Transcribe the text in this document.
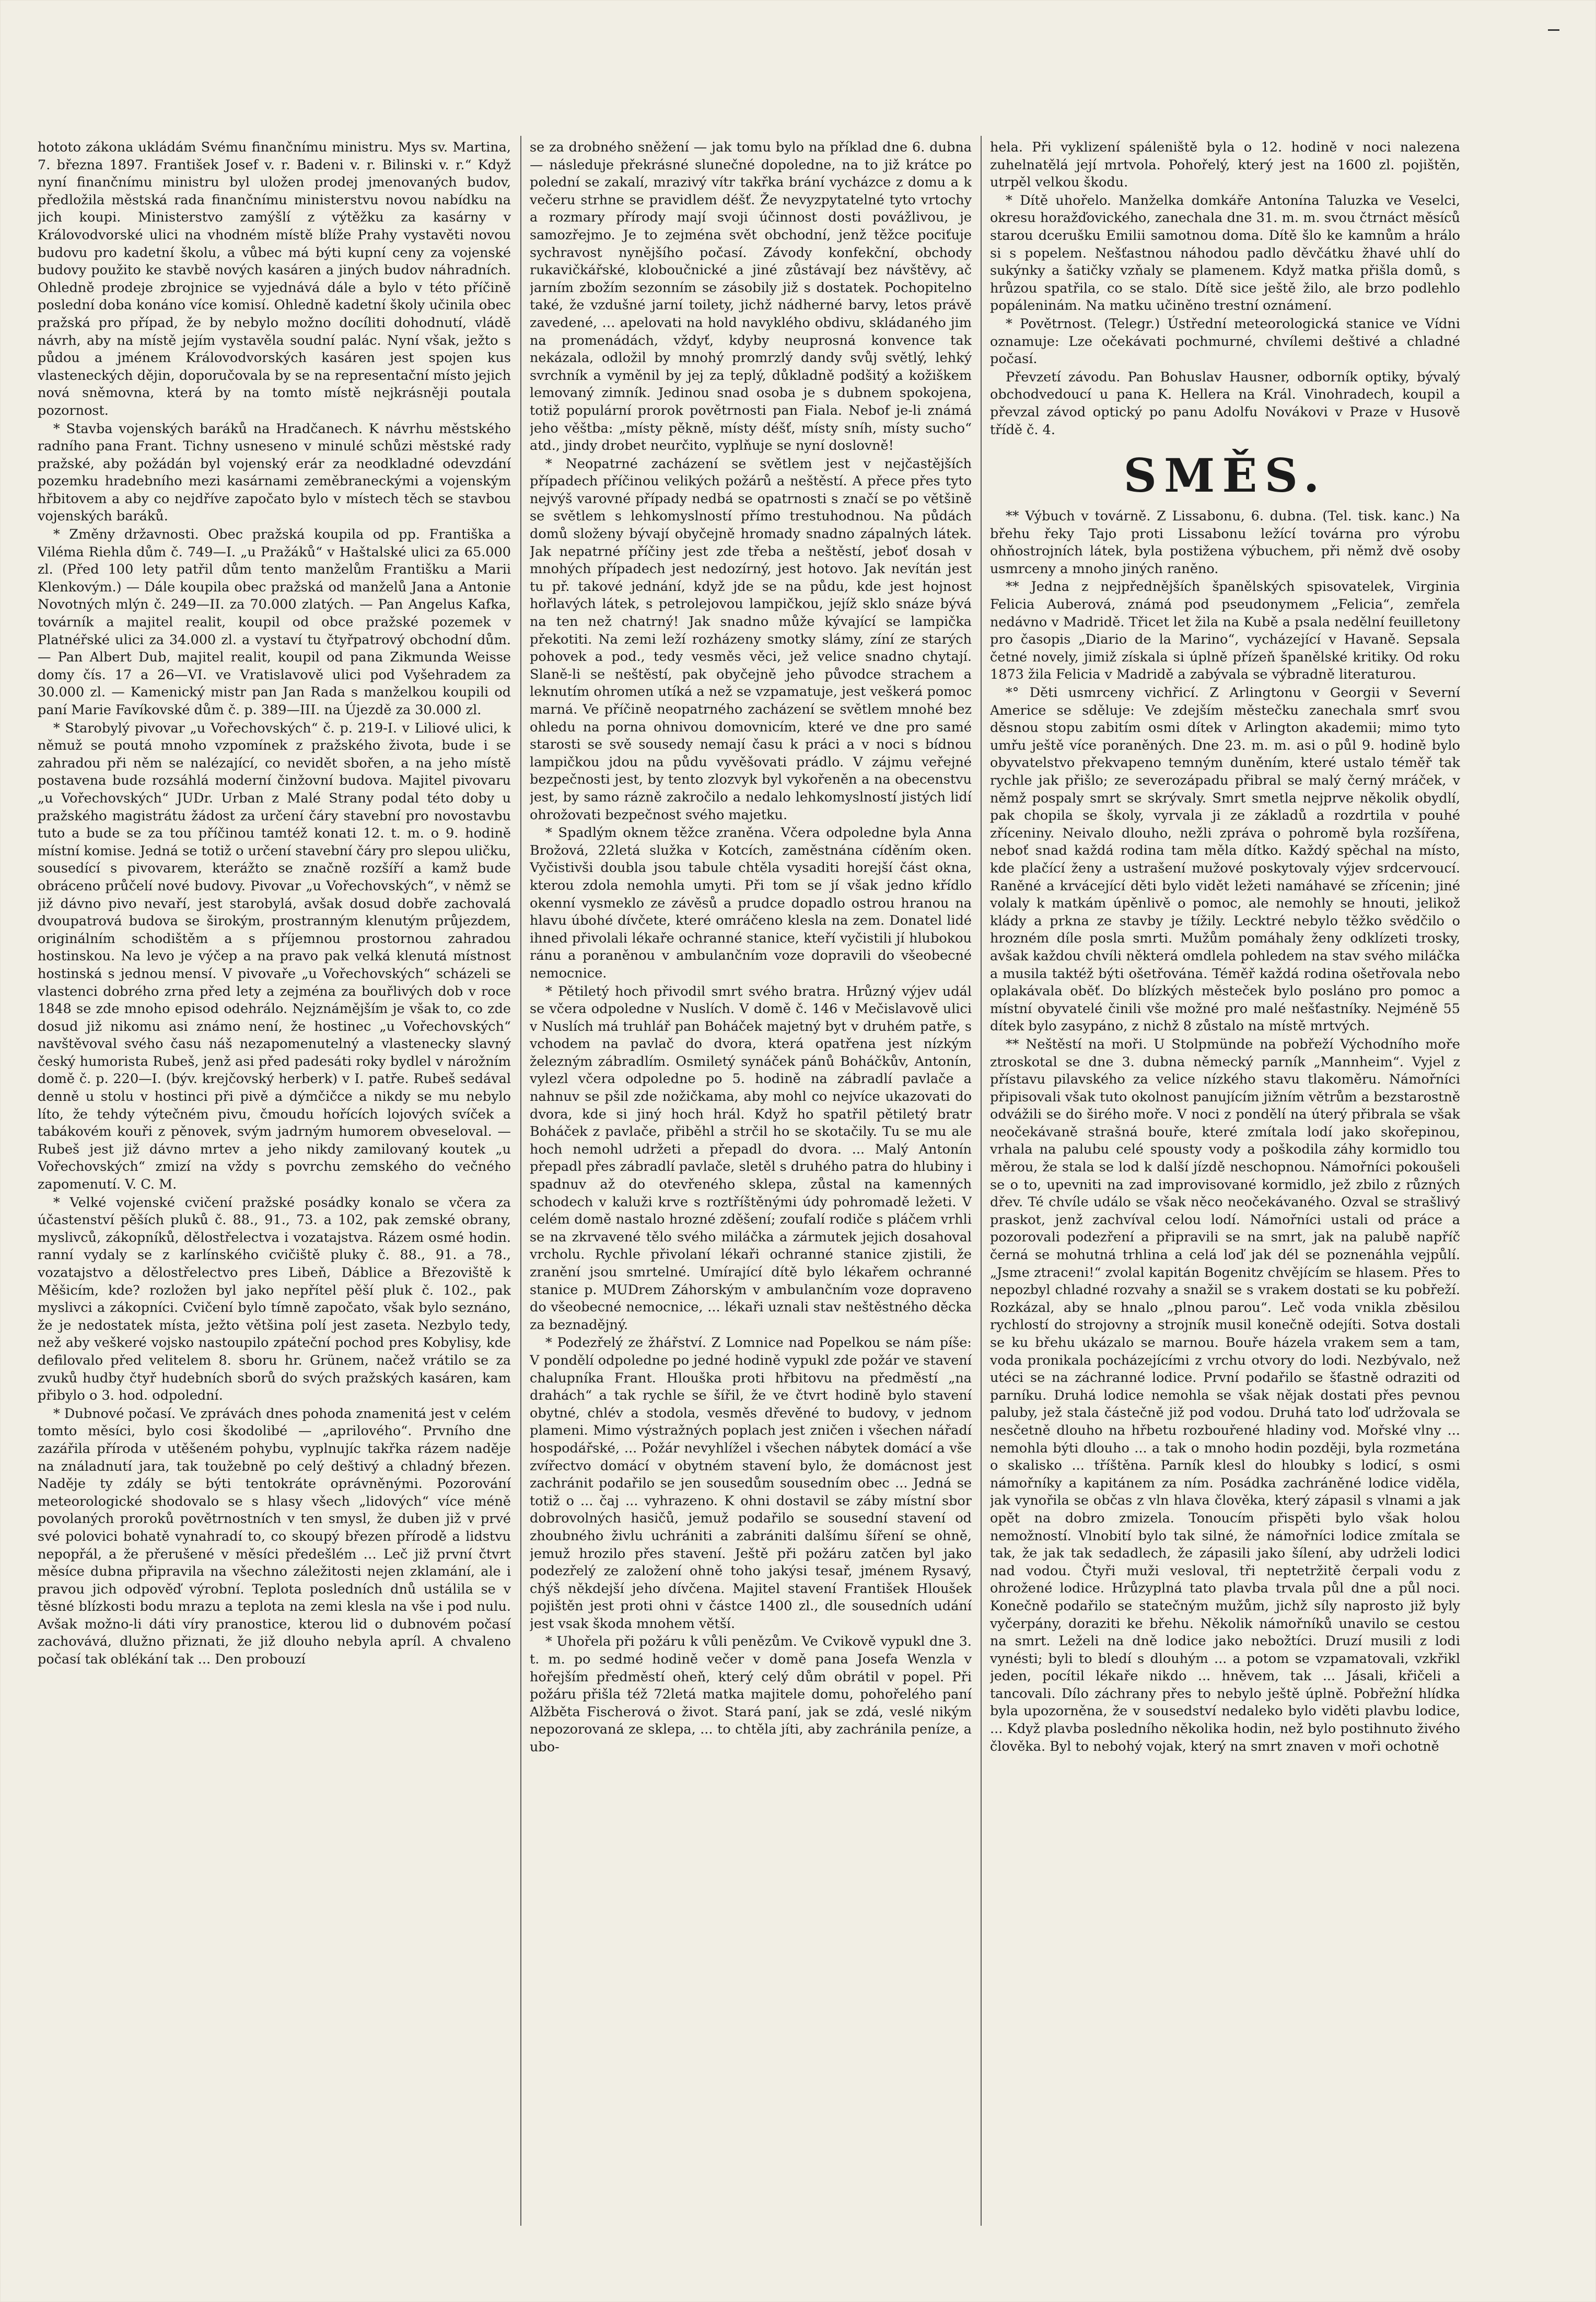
hototo zákona ukládám Svému finančnímu ministru. Mys sv. Martina, 7. března 1897. František Josef v. r. Badeni v. r. Bilinski v. r.“ Když nyní finančnímu ministru byl uložen prodej jmenovaných budov, předložila městská rada finančnímu ministerstvu novou nabídku na jich koupi. Ministerstvo zamýšlí z výtěžku za kasárny v Královodvorské ulici na vhodném místě blíže Prahy vystavěti novou budovu pro kadetní školu, a vůbec má býti kupní ceny za vojenské budovy použito ke stavbě nových kasáren a jiných budov náhradních. Ohledně prodeje zbrojnice se vyjednává dále a bylo v této příčině poslední doba konáno více komisí. Ohledně kadetní školy učinila obec pražská pro případ, že by nebylo možno docíliti dohodnutí, vládě návrh, aby na místě jejím vystavěla soudní palác. Nyní však, ježto s půdou a jménem Královodvorských kasáren jest spojen kus vlasteneckých dějin, doporučovala by se na representační místo jejich nová sněmovna, která by na tomto místě nejkrásněji poutala pozornost.

* Stavba vojenských baráků na Hradčanech. K návrhu městského radního pana Frant. Tichny usneseno v minulé schůzi městské rady pražské, aby požádán byl vojenský erár za neodkladné odevzdání pozemku hradebního mezi kasárnami zeměbraneckými a vojenským hřbitovem a aby co nejdříve započato bylo v místech těch se stavbou vojenských baráků.

* Změny državnosti. Obec pražská koupila od pp. Františka a Viléma Riehla dům č. 749—I. „u Pražáků“ v Haštalské ulici za 65.000 zl. (Před 100 lety patřil dům tento manželům Františku a Marii Klenkovým.) — Dále koupila obec pražská od manželů Jana a Antonie Novotných mlýn č. 249—II. za 70.000 zlatých. — Pan Angelus Kafka, továrník a majitel realit, koupil od obce pražské pozemek v Platnéřské ulici za 34.000 zl. a vystaví tu čtyřpatrový obchodní dům. — Pan Albert Dub, majitel realit, koupil od pana Zikmunda Weisse domy čís. 17 a 26—VI. ve Vratislavově ulici pod Vyšehradem za 30.000 zl. — Kamenický mistr pan Jan Rada s manželkou koupili od paní Marie Favíkovské dům č. p. 389—III. na Újezdě za 30.000 zl.

* Starobylý pivovar „u Vořechovských“ č. p. 219-I. v Liliové ulici, k němuž se poutá mnoho vzpomínek z pražského života, bude i se zahradou při něm se nalézající, co nevidět sbořen, a na jeho místě postavena bude rozsáhlá moderní činžovní budova. Majitel pivovaru „u Vořechovských“ JUDr. Urban z Malé Strany podal této doby u pražského magistrátu žádost za určení čáry stavební pro novostavbu tuto a bude se za tou příčinou tamtéž konati 12. t. m. o 9. hodině místní komise. Jedná se totiž o určení stavební čáry pro slepou uličku, sousedící s pivovarem, kterážto se značně rozšíří a kamž bude obráceno průčelí nové budovy. Pivovar „u Vořechovských“, v němž se již dávno pivo nevaří, jest starobylá, avšak dosud dobře zachovalá dvoupatrová budova se širokým, prostranným klenutým průjezdem, originálním schodištěm a s příjemnou prostornou zahradou hostinskou. Na levo je výčep a na pravo pak velká klenutá místnost hostinská s jednou mensí. V pivovaře „u Vořechovských“ scházeli se vlastenci dobrého zrna před lety a zejména za bouřlivých dob v roce 1848 se zde mnoho episod odehrálo. Nejznámějším je však to, co zde dosud již nikomu asi známo není, že hostinec „u Vořechovských“ navštěvoval svého času náš nezapomenutelný a vlastenecky slavný český humorista Rubeš, jenž asi před padesáti roky bydlel v nárožním domě č. p. 220—I. (býv. krejčovský herberk) v I. patře. Rubeš sedával denně u stolu v hostinci při pivě a dýmčičce a nikdy se mu nebylo líto, že tehdy výtečném pivu, čmoudu hořících lojových svíček a tabákovém kouři z pěnovek, svým jadrným humorem obveseloval. — Rubeš jest již dávno mrtev a jeho nikdy zamilovaný koutek „u Vořechovských“ zmizí na vždy s povrchu zemského do večného zapomenutí. V. C. M.

* Velké vojenské cvičení pražské posádky konalo se včera za účastenství pěších pluků č. 88., 91., 73. a 102, pak zemské obrany, myslivců, zákopníků, dělostřelectva i vozatajstva. Rázem osmé hodin. ranní vydaly se z karlínského cvičiště pluky č. 88., 91. a 78., vozatajstvo a dělostřelectvo pres Libeň, Dáblice a Březoviště k Měšicím, kde? rozložen byl jako nepřítel pěší pluk č. 102., pak myslivci a zákopníci. Cvičení bylo tímně započato, však bylo seznáno, že je nedostatek místa, ježto většina polí jest zaseta. Nezbylo tedy, než aby veškeré vojsko nastoupilo zpáteční pochod pres Kobylisy, kde defilovalo před velitelem 8. sboru hr. Grünem, načež vrátilo se za zvuků hudby čtyř hudebních sborů do svých pražských kasáren, kam přibylo o 3. hod. odpolední.

* Dubnové počasí. Ve zprávách dnes pohoda znamenitá jest v celém tomto měsíci, bylo cosi škodolibé — „aprilového“. Prvního dne zazářila příroda v utěšeném pohybu, vyplnujíc takřka rázem naděje na ználadnutí jara, tak toužebně po celý deštivý a chladný březen. Naděje ty zdály se býti tentokráte oprávněnými. Pozorování meteorologické shodovalo se s hlasy všech „lidových“ více méně povolaných proroků povětrnostních v ten smysl, že duben již v prvé své polovici bohatě vynahradí to, co skoupý březen přírodě a lidstvu nepopřál, a že přerušené v měsíci předešlém … Leč již první čtvrt měsíce dubna připravila na všechno záležitosti nejen zklamání, ale i pravou jich odpověď výrobní. Teplota posledních dnů ustálila se v těsné blízkosti bodu mrazu a teplota na zemi klesla na vše i pod nulu. Avšak možno-li dáti víry pranostice, kterou lid o dubnovém počasí zachovává, dlužno přiznati, že již dlouho nebyla apríl. A chvaleno počasí tak oblékání tak ... Den probouzí

se za drobného sněžení — jak tomu bylo na příklad dne 6. dubna — následuje překrásné slunečné dopoledne, na to již krátce po polední se zakalí, mrazivý vítr takřka brání vycházce z domu a k večeru strhne se pravidlem déšť. Že nevyzpytatelné tyto vrtochy a rozmary přírody mají svoji účinnost dosti povážlivou, je samozřejmo. Je to zejména svět obchodní, jenž těžce pociťuje sychravost nynějšího počasí. Závody konfekční, obchody rukavičkářské, kloboučnické a jiné zůstávají bez návštěvy, ač jarním zbožím sezonním se zásobily již s dostatek. Pochopitelno také, že vzdušné jarní toilety, jichž nádherné barvy, letos právě zavedené, … apelovati na hold navyklého obdivu, skládaného jim na promenádách, vždyť, kdyby neuprosná konvence tak nekázala, odložil by mnohý promrzlý dandy svůj světlý, lehký svrchník a vyměnil by jej za teplý, důkladně podšitý a kožiškem lemovaný zimník. Jedinou snad osoba je s dubnem spokojena, totiž populární prorok povětrnosti pan Fiala. Nebof je-li známá jeho věštba: „místy pěkně, místy déšť, místy sníh, místy sucho“ atd., jindy drobet neurčito, vyplňuje se nyní doslovně!

* Neopatrné zacházení se světlem jest v nejčastějších případech příčinou velikých požárů a neštěstí. A přece přes tyto nejvýš varovné případy nedbá se opatrnosti s značí se po většině se světlem s lehkomyslností přímo trestuhodnou. Na půdách domů složeny bývají obyčejně hromady snadno zápalných látek. Jak nepatrné příčiny jest zde třeba a neštěstí, jeboť dosah v mnohých případech jest nedozírný, jest hotovo. Jak nevítán jest tu př. takové jednání, když jde se na půdu, kde jest hojnost hořlavých látek, s petrolejovou lampičkou, jejíž sklo snáze bývá na ten než chatrný! Jak snadno může kývající se lampička překotiti. Na zemi leží rozházeny smotky slámy, zíní ze starých pohovek a pod., tedy vesměs věci, jež velice snadno chytají. Slaně-li se neštěstí, pak obyčejně jeho původce strachem a leknutím ohromen utíká a než se vzpamatuje, jest veškerá pomoc marná. Ve příčině neopatrného zacházení se světlem mnohé bez ohledu na porna ohnivou domovnicím, které ve dne pro samé starosti se svě sousedy nemají času k práci a v noci s bídnou lampičkou jdou na půdu vyvěšovati prádlo. V zájmu veřejné bezpečnosti jest, by tento zlozvyk byl vykořeněn a na obecenstvu jest, by samo rázně zakročilo a nedalo lehkomyslností jistých lidí ohrožovati bezpečnost svého majetku.

* Spadlým oknem těžce zraněna. Včera odpoledne byla Anna Brožová, 22letá služka v Kotcích, zaměstnána cíděním oken. Vyčistivši doubla jsou tabule chtěla vysaditi horejší část okna, kterou zdola nemohla umyti. Při tom se jí však jedno křídlo okenní vysmeklo ze závěsů a prudce dopadlo ostrou hranou na hlavu úbohé dívčete, které omráčeno klesla na zem. Donatel lidé ihned přivolali lékaře ochranné stanice, kteří vyčistili jí hlubokou ránu a poraněnou v ambulančním voze dopravili do všeobecné nemocnice.

* Pětiletý hoch přivodil smrt svého bratra. Hrůzný výjev udál se včera odpoledne v Nuslích. V domě č. 146 v Mečislavově ulici v Nuslích má truhlář pan Boháček majetný byt v druhém patře, s vchodem na pavlač do dvora, která opatřena jest nízkým železným zábradlím. Osmiletý synáček pánů Boháčkův, Antonín, vylezl včera odpoledne po 5. hodině na zábradlí pavlače a nahnuv se pšil zde nožičkama, aby mohl co nejvíce ukazovati do dvora, kde si jiný hoch hrál. Když ho spatřil pětiletý bratr Boháček z pavlače, přiběhl a strčil ho se skotačily. Tu se mu ale hoch nemohl udržeti a přepadl do dvora. ... Malý Antonín přepadl přes zábradlí pavlače, sletěl s druhého patra do hlubiny i spadnuv až do otevřeného sklepa, zůstal na kamenných schodech v kaluži krve s roztříštěnými údy pohromadě ležeti. V celém domě nastalo hrozné zděšení; zoufalí rodiče s pláčem vrhli se na zkrvavené tělo svého miláčka a zármutek jejich dosahoval vrcholu. Rychle přivolaní lékaři ochranné stanice zjistili, že zranění jsou smrtelné. Umírající dítě bylo lékařem ochranné stanice p. MUDrem Záhorským v ambulančním voze dopraveno do všeobecné nemocnice, ... lékaři uznali stav neštěstného děcka za beznadějný.

* Podezřelý ze žhářství. Z Lomnice nad Popelkou se nám píše: V pondělí odpoledne po jedné hodině vypukl zde požár ve stavení chalupníka Frant. Hlouška proti hřbitovu na předměstí „na drahách“ a tak rychle se šířil, že ve čtvrt hodině bylo stavení obytné, chlév a stodola, vesměs dřevěné to budovy, v jednom plameni. Mimo výstražných poplach jest zničen i všechen nářadí hospodářské, ... Požár nevyhlížel i všechen nábytek domácí a vše zvířectvo domácí v obytném stavení bylo, že domácnost jest zachránit podařilo se jen sousedům sousedním obec ... Jedná se totiž o ... čaj ... vyhrazeno. K ohni dostavil se záby místní sbor dobrovolných hasičů, jemuž podařilo se sousední stavení od zhoubného živlu uchrániti a zabrániti dalšímu šíření se ohně, jemuž hrozilo přes stavení. Ještě při požáru zatčen byl jako podezřelý ze založení ohně toho jakýsi tesař, jménem Rysavý, chýš někdejší jeho dívčena. Majitel stavení František Hloušek pojištěn jest proti ohni v částce 1400 zl., dle sousedních udání jest vsak škoda mnohem větší.

* Uhořela při požáru k vůli penězům. Ve Cvikově vypukl dne 3. t. m. po sedmé hodině večer v domě pana Josefa Wenzla v hořejším předměstí oheň, který celý dům obrátil v popel. Při požáru přišla též 72letá matka majitele domu, pohořelého paní Alžběta Fischerová o život. Stará paní, jak se zdá, veslé nikým nepozorovaná ze sklepa, ... to chtěla jíti, aby zachránila peníze, a ubo-

hela. Při vyklizení spáleniště byla o 12. hodině v noci nalezena zuhelnatělá její mrtvola. Pohořelý, který jest na 1600 zl. pojištěn, utrpěl velkou škodu.

* Dítě uhořelo. Manželka domkáře Antonína Taluzka ve Veselci, okresu horažďovického, zanechala dne 31. m. m. svou čtrnáct měsíců starou dcerušku Emilii samotnou doma. Dítě šlo ke kamnům a hrálo si s popelem. Nešťastnou náhodou padlo děvčátku žhavé uhlí do sukýnky a šatičky vzňaly se plamenem. Když matka přišla domů, s hrůzou spatřila, co se stalo. Dítě sice ještě žilo, ale brzo podlehlo popáleninám. Na matku učiněno trestní oznámení.

* Povětrnost. (Telegr.) Ústřední meteorologická stanice ve Vídni oznamuje: Lze očekávati pochmurné, chvílemi deštivé a chladné počasí.

Převzetí závodu. Pan Bohuslav Hausner, odborník optiky, bývalý obchodvedoucí u pana K. Hellera na Král. Vinohradech, koupil a převzal závod optický po panu Adolfu Novákovi v Praze v Husově třídě č. 4.

SMĚS.

** Výbuch v továrně. Z Lissabonu, 6. dubna. (Tel. tisk. kanc.) Na břehu řeky Tajo proti Lissabonu ležící továrna pro výrobu ohňostrojních látek, byla postižena výbuchem, při němž dvě osoby usmrceny a mnoho jiných raněno.

** Jedna z nejpřednějších španělských spisovatelek, Virginia Felicia Auberová, známá pod pseudonymem „Felicia“, zemřela nedávno v Madridě. Třicet let žila na Kubě a psala nedělní feuilletony pro časopis „Diario de la Marino“, vycházející v Havaně. Sepsala četné novely, jimiž získala si úplně přízeň španělské kritiky. Od roku 1873 žila Felicia v Madridě a zabývala se výbradně literaturou.

*° Děti usmrceny vichřicí. Z Arlingtonu v Georgii v Severní Americe se sděluje: Ve zdejším městečku zanechala smrť svou děsnou stopu zabitím osmi dítek v Arlington akademii; mimo tyto umřu ještě více poraněných. Dne 23. m. m. asi o půl 9. hodině bylo obyvatelstvo překvapeno temným duněním, které ustalo téměř tak rychle jak přišlo; ze severozápadu přibral se malý černý mráček, v němž pospaly smrt se skrývaly. Smrt smetla nejprve několik obydlí, pak chopila se školy, vyrvala ji ze základů a rozdrtila v pouhé zříceniny. Neivalo dlouho, nežli zpráva o pohromě byla rozšířena, neboť snad každá rodina tam měla dítko. Každý spěchal na místo, kde plačící ženy a ustrašení mužové poskytovaly výjev srdcervoucí. Raněné a krvácející děti bylo vidět ležeti namáhavé se zřícenin; jiné volaly k matkám úpěnlivě o pomoc, ale nemohly se hnouti, jelikož klády a prkna ze stavby je tížily. Lecktré nebylo těžko svědčilo o hrozném díle posla smrti. Mužům pomáhaly ženy odklízeti trosky, avšak každou chvíli některá omdlela pohledem na stav svého miláčka a musila taktéž býti ošetřována. Téměř každá rodina ošetřovala nebo oplakávala oběť. Do blízkých městeček bylo posláno pro pomoc a místní obyvatelé činili vše možné pro malé nešťastníky. Nejméně 55 dítek bylo zasypáno, z nichž 8 zůstalo na místě mrtvých.

** Neštěstí na moři. U Stolpmünde na pobřeží Východního moře ztroskotal se dne 3. dubna německý parník „Mannheim“. Vyjel z přístavu pilavského za velice nízkého stavu tlakoměru. Námořníci připisovali však tuto okolnost panujícím jižním větrům a bezstarostně odvážili se do širého moře. V noci z pondělí na úterý přibrala se však neočekávaně strašná bouře, které zmítala lodí jako skořepinou, vrhala na palubu celé spousty vody a poškodila záhy kormidlo tou měrou, že stala se lod k další jízdě neschopnou. Námořníci pokoušeli se o to, upevniti na zad improvisované kormidlo, jež zbilo z různých dřev. Té chvíle událo se však něco neočekávaného. Ozval se strašlivý praskot, jenž zachvíval celou lodí. Námořníci ustali od práce a pozorovali podezření a připravili se na smrt, jak na palubě napříč černá se mohutná trhlina a celá loď jak dél se poznenáhla vejpůlí. „Jsme ztraceni!“ zvolal kapitán Bogenitz chvějícím se hlasem. Přes to nepozbyl chladné rozvahy a snažil se s vrakem dostati se ku pobřeží. Rozkázal, aby se hnalo „plnou parou“. Leč voda vnikla zběsilou rychlostí do strojovny a strojník musil konečně odejíti. Sotva dostali se ku břehu ukázalo se marnou. Bouře házela vrakem sem a tam, voda pronikala pocházejícími z vrchu otvory do lodi. Nezbývalo, než utéci se na záchranné lodice. První podařilo se šťastně odraziti od parníku. Druhá lodice nemohla se však nějak dostati přes pevnou paluby, jež stala částečně již pod vodou. Druhá tato loď udržovala se nesčetně dlouho na hřbetu rozbouřené hladiny vod. Mořské vlny ... nemohla býti dlouho ... a tak o mnoho hodin později, byla rozmetána o skalisko ... tříštěna. Parník klesl do hloubky s lodicí, s osmi námořníky a kapitánem za ním. Posádka zachráněné lodice viděla, jak vynořila se občas z vln hlava člověka, který zápasil s vlnami a jak opět na dobro zmizela. Tonoucím přispěti bylo však holou nemožností. Vlnobití bylo tak silné, že námořníci lodice zmítala se tak, že jak tak sedadlech, že zápasili jako šílení, aby udrželi lodici nad vodou. Čtyři muži vesloval, tři neptetržitě čerpali vodu z ohrožené lodice. Hrůzyplná tato plavba trvala půl dne a půl noci. Konečně podařilo se statečným mužům, jichž síly naprosto již byly vyčerpány, doraziti ke břehu. Několik námořníků unavilo se cestou na smrt. Leželi na dně lodice jako nebožtíci. Druzí musili z lodi vynésti; byli to bledí s dlouhým ... a potom se vzpamatovali, vzkřikl jeden, pocítil lékaře nikdo ... hněvem, tak ... Jásali, křičeli a tancovali. Dílo záchrany přes to nebylo ještě úplně. Pobřežní hlídka byla upozorněna, že v sousedství nedaleko bylo viděti plavbu lodice, ... Když plavba posledního několika hodin, než bylo postihnuto živého člověka. Byl to nebohý vojak, který na smrt znaven v moři ochotně
